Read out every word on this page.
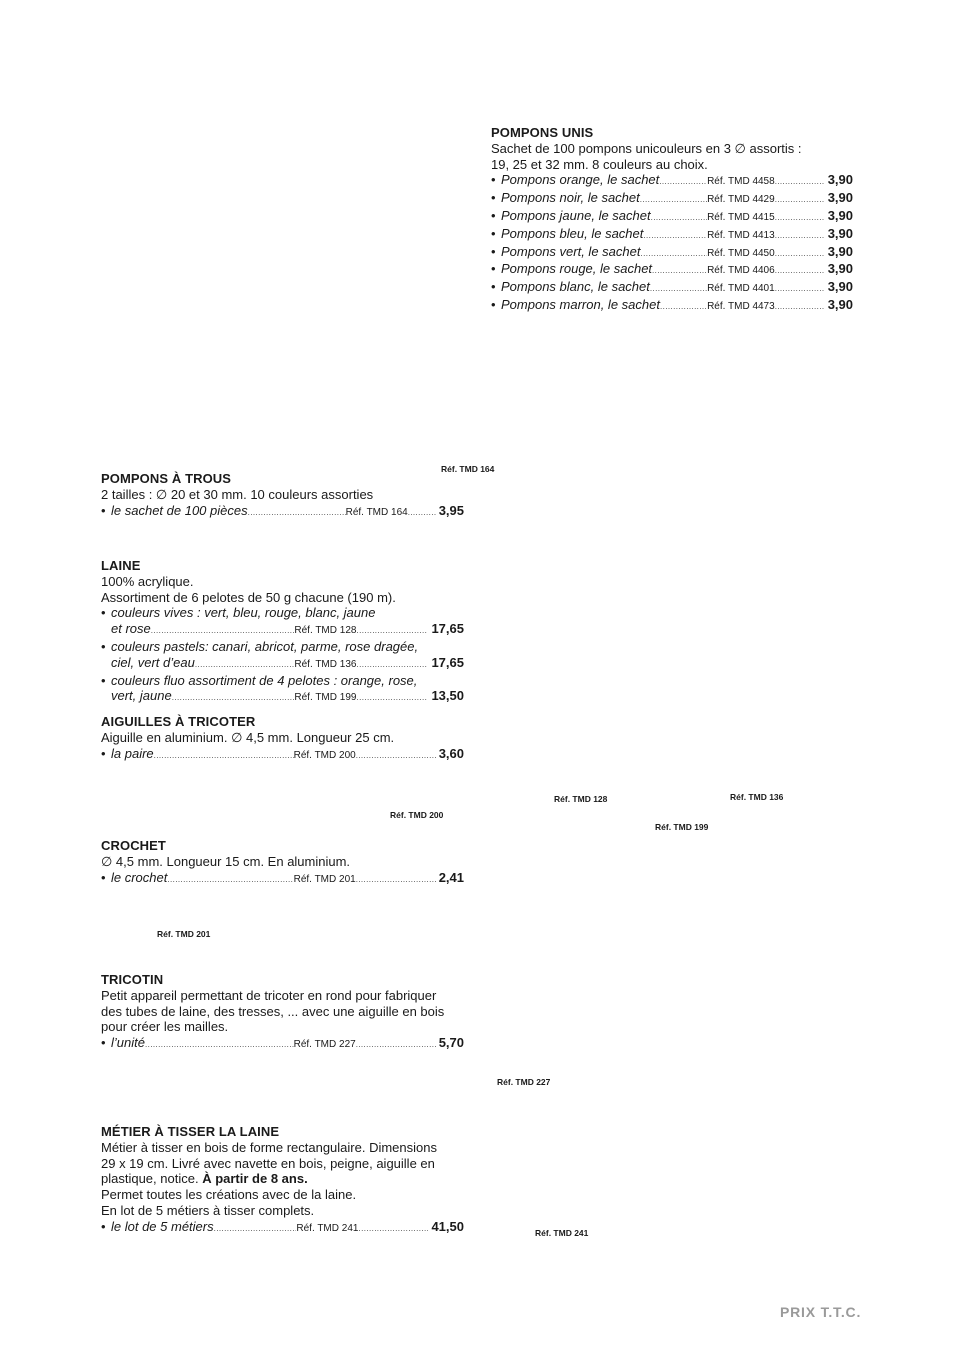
POMPONS UNIS
Sachet de 100 pompons unicouleurs en 3 ∅ assortis :
19, 25 et 32 mm. 8 couleurs au choix.
• Pompons orange, le sachet .....	Réf. TMD 4458 .....	3,90
• Pompons noir, le sachet .....	Réf. TMD 4429 .....	3,90
• Pompons jaune, le sachet .....	Réf. TMD 4415 .....	3,90
• Pompons bleu, le sachet .....	Réf. TMD 4413 .....	3,90
• Pompons vert, le sachet .....	Réf. TMD 4450 .....	3,90
• Pompons rouge, le sachet .....	Réf. TMD 4406 .....	3,90
• Pompons blanc, le sachet .....	Réf. TMD 4401 .....	3,90
• Pompons marron, le sachet .....	Réf. TMD 4473 .....	3,90
POMPONS À TROUS
2 tailles : ∅ 20 et 30 mm. 10 couleurs assorties
• le sachet de 100 pièces .....	Réf. TMD 164 ..... 3,95
LAINE
100% acrylique.
Assortiment de 6 pelotes de 50 g chacune (190 m).
• couleurs vives : vert, bleu, rouge, blanc, jaune
et rose .....	Réf. TMD 128 .....	17,65
• couleurs pastels: canari, abricot, parme, rose dragée,
ciel, vert d’eau .....	Réf. TMD 136 .....	17,65
• couleurs fluo assortiment de 4 pelotes : orange, rose,
vert, jaune .....	Réf. TMD 199 .....	13,50
AIGUILLES À TRICOTER
Aiguille en aluminium. ∅ 4,5 mm. Longueur 25 cm.
• la paire .....	Réf. TMD 200 .....	3,60
CROCHET
∅ 4,5 mm. Longueur 15 cm. En aluminium.
• le crochet .....	Réf. TMD 201 .....	2,41
TRICOTIN
Petit appareil permettant de tricoter en rond pour fabriquer
des tubes de laine, des tresses, ... avec une aiguille en bois
pour créer les mailles.
• l’unité .....	Réf. TMD 227 .....	5,70
MÉTIER À TISSER LA LAINE
Métier à tisser en bois de forme rectangulaire. Dimensions
29 x 19 cm. Livré avec navette en bois, peigne, aiguille en
plastique, notice. À partir de 8 ans.
Permet toutes les créations avec de la laine.
En lot de 5 métiers à tisser complets.
• le lot de 5 métiers .....	Réf. TMD 241 .....	41,50
Réf. TMD 164
Réf. TMD 128	Réf. TMD 136
Réf. TMD 199
Réf. TMD 200
Réf. TMD 201
Réf. TMD 227
Réf. TMD 241
PRIX T.T.C.
